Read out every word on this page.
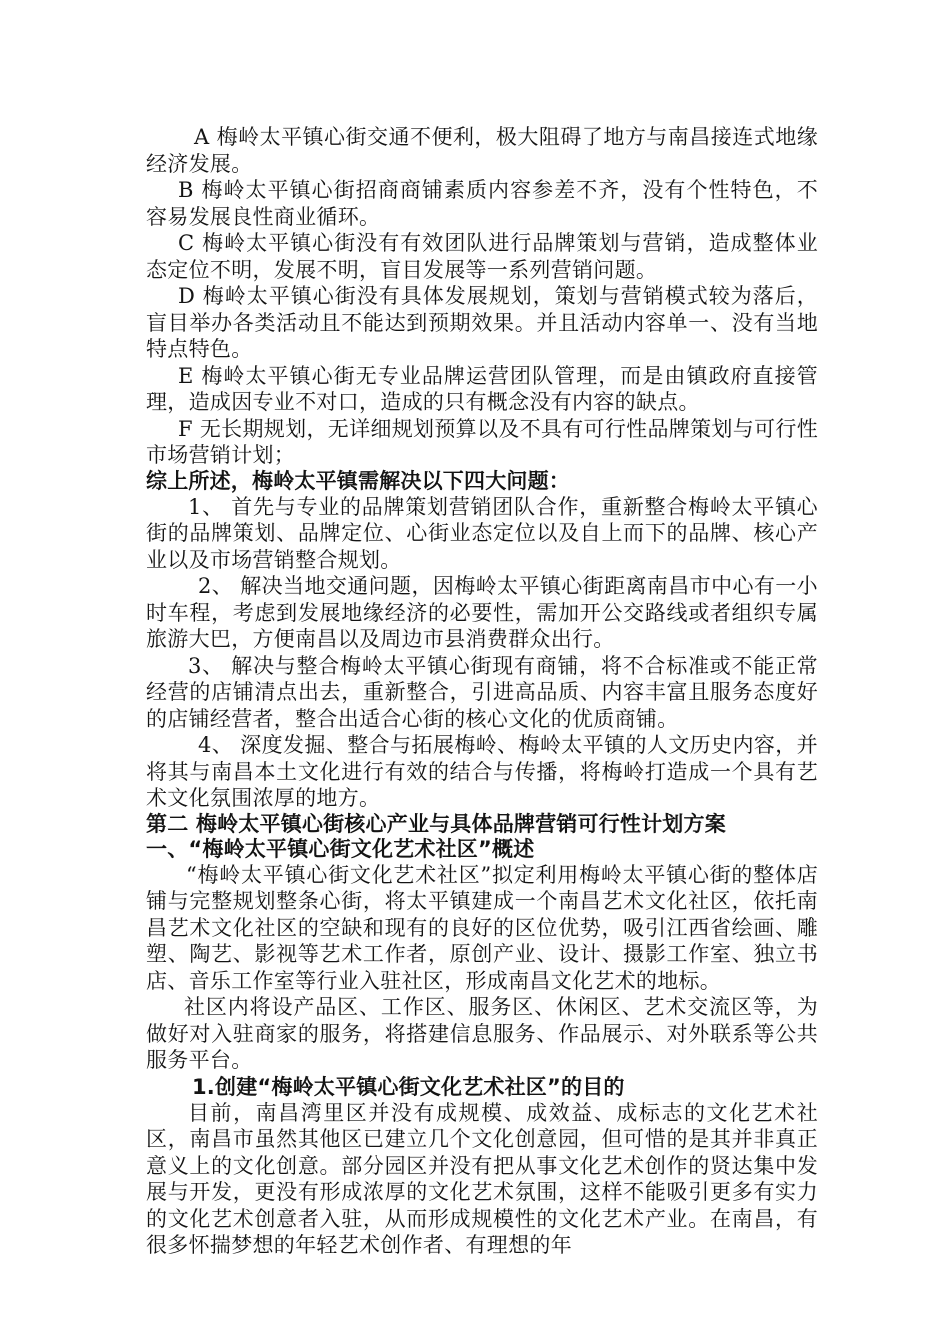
A 梅岭太平镇心街交通不便利，极大阻碍了地方与南昌接连式地缘经济发展。

B 梅岭太平镇心街招商商铺素质内容参差不齐，没有个性特色，不容易发展良性商业循环。

C 梅岭太平镇心街没有有效团队进行品牌策划与营销，造成整体业态定位不明，发展不明，盲目发展等一系列营销问题。

D 梅岭太平镇心街没有具体发展规划，策划与营销模式较为落后，盲目举办各类活动且不能达到预期效果。并且活动内容单一、没有当地特点特色。

E 梅岭太平镇心街无专业品牌运营团队管理，而是由镇政府直接管理，造成因专业不对口，造成的只有概念没有内容的缺点。

F 无长期规划，无详细规划预算以及不具有可行性品牌策划与可行性市场营销计划；

综上所述，梅岭太平镇需解决以下四大问题：

1、 首先与专业的品牌策划营销团队合作，重新整合梅岭太平镇心街的品牌策划、品牌定位、心街业态定位以及自上而下的品牌、核心产业以及市场营销整合规划。

2、 解决当地交通问题，因梅岭太平镇心街距离南昌市中心有一小时车程，考虑到发展地缘经济的必要性，需加开公交路线或者组织专属旅游大巴，方便南昌以及周边市县消费群众出行。

3、 解决与整合梅岭太平镇心街现有商铺，将不合标准或不能正常经营的店铺清点出去，重新整合，引进高品质、内容丰富且服务态度好的店铺经营者，整合出适合心街的核心文化的优质商铺。

4、 深度发掘、整合与拓展梅岭、梅岭太平镇的人文历史内容，并将其与南昌本土文化进行有效的结合与传播，将梅岭打造成一个具有艺术文化氛围浓厚的地方。

第二 梅岭太平镇心街核心产业与具体品牌营销可行性计划方案

一、“梅岭太平镇心街文化艺术社区”概述

“梅岭太平镇心街文化艺术社区”拟定利用梅岭太平镇心街的整体店铺与完整规划整条心街，将太平镇建成一个南昌艺术文化社区，依托南昌艺术文化社区的空缺和现有的良好的区位优势，吸引江西省绘画、雕塑、陶艺、影视等艺术工作者，原创产业、设计、摄影工作室、独立书店、音乐工作室等行业入驻社区，形成南昌文化艺术的地标。

社区内将设产品区、工作区、服务区、休闲区、艺术交流区等，为做好对入驻商家的服务，将搭建信息服务、作品展示、对外联系等公共服务平台。

1.创建“梅岭太平镇心街文化艺术社区”的目的

目前，南昌湾里区并没有成规模、成效益、成标志的文化艺术社区，南昌市虽然其他区已建立几个文化创意园，但可惜的是其并非真正意义上的文化创意。部分园区并没有把从事文化艺术创作的贤达集中发展与开发，更没有形成浓厚的文化艺术氛围，这样不能吸引更多有实力的文化艺术创意者入驻，从而形成规模性的文化艺术产业。在南昌，有很多怀揣梦想的年轻艺术创作者、有理想的年
